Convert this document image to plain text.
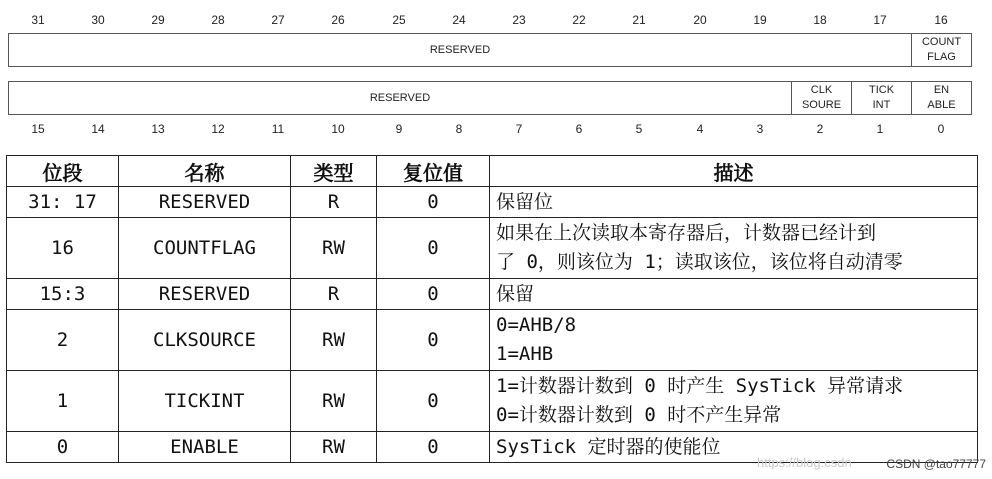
31	30	29	28	27	26	25	24	23	22	21	20	19	18	17	16
RESERVED
COUNT
FLAG
RESERVED
CLK
SOURE
TICK
INT
EN
ABLE
15	14	13	12	11	10	9	8	7	6	5	4	3	2	1	0
位段	名称	类型	复位值	描述
31: 17	RESERVED	R	0	保留位

16	COUNTFLAG	RW	0	如果在上次读取本寄存器后，计数器已经计到
了 0，则该位为 1；读取该位，该位将自动清零

15:3	RESERVED	R	0	保留

2	CLKSOURCE	RW	0	0=AHB/8
1=AHB

1	TICKINT	RW	0	1=计数器计数到 0 时产生 SysTick 异常请求
0=计数器计数到 0 时不产生异常

0	ENABLE	RW	0	SysTick 定时器的使能位
https://blog.csdn	CSDN @tao77777
